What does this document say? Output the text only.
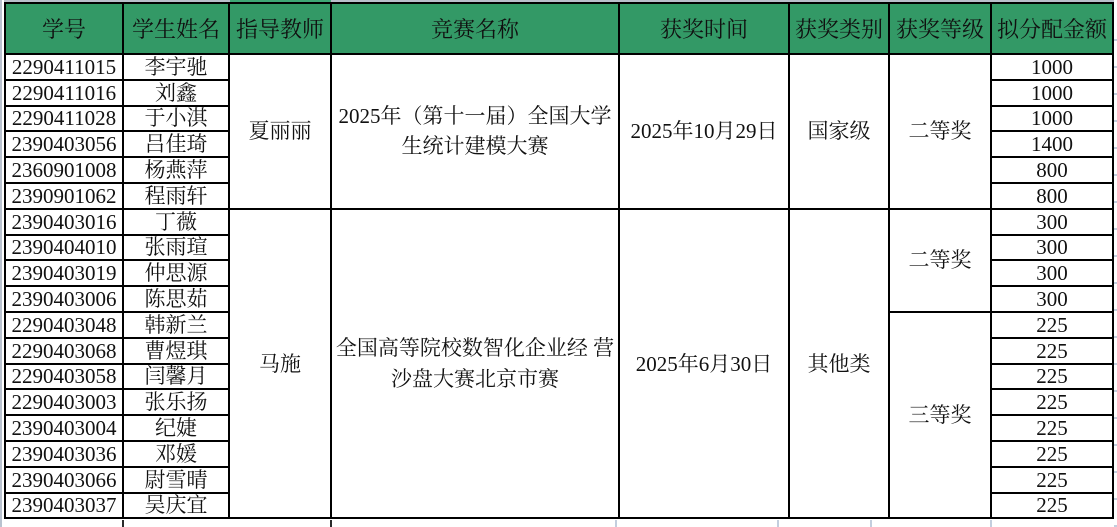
学号	学生姓名	指导教师	竞赛名称	获奖时间	获奖类别	获奖等级	拟分配金额
2290411015	李宇驰	夏丽丽	2025年（第十一届）全国大学生统计建模大赛	2025年10月29日	国家级	二等奖	1000
2290411016	刘鑫						1000
2290411028	于小淇						1000
2390403056	吕佳琦						1400
2360901008	杨燕萍						800
2390901062	程雨轩						800
2390403016	丁薇	马施	全国高等院校数智化企业经 营沙盘大赛北京市赛	2025年6月30日	其他类	二等奖	300
2390404010	张雨瑄						300
2390403019	仲思源						300
2390403006	陈思茹						300
2290403048	韩新兰					三等奖	225
2290403068	曹煜琪						225
2290403058	闫馨月						225
2290403003	张乐扬						225
2390403004	纪婕						225
2390403036	邓媛						225
2390403066	尉雪晴						225
2390403037	吴庆宜						225
